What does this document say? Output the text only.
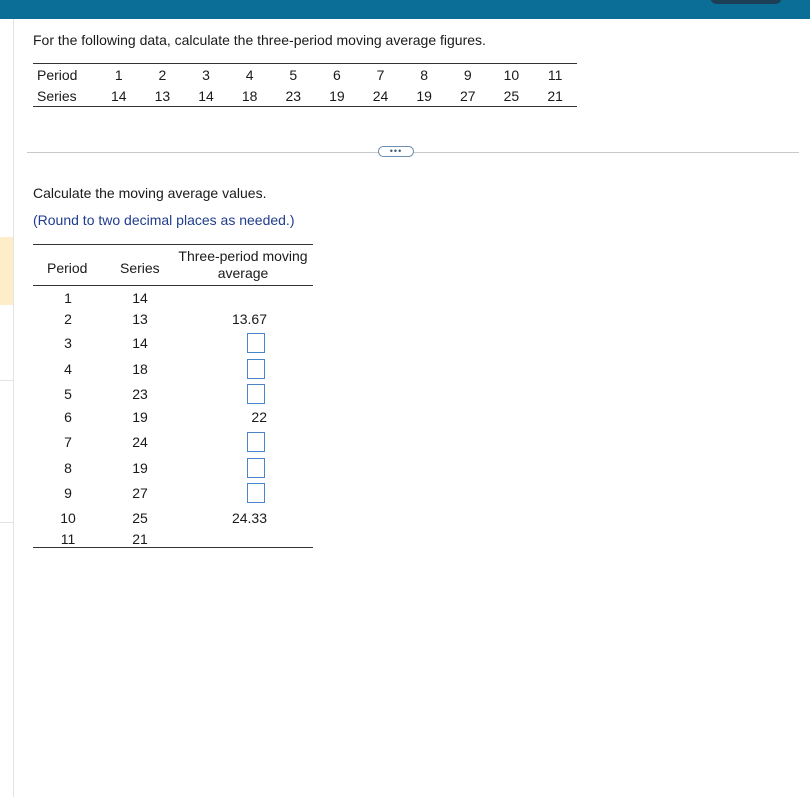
For the following data, calculate the three-period moving average figures.
Period	1	2	3	4	5	6	7	8	9	10	11
Series	14	13	14	18	23	19	24	19	27	25	21
•••
Calculate the moving average values.
(Round to two decimal places as needed.)
Period Series
Three-period moving
average
1	14
2	13	13.67
3	14
4	18
5	23
6	19	22
7	24
8	19
9	27
10	25	24.33
11	21
